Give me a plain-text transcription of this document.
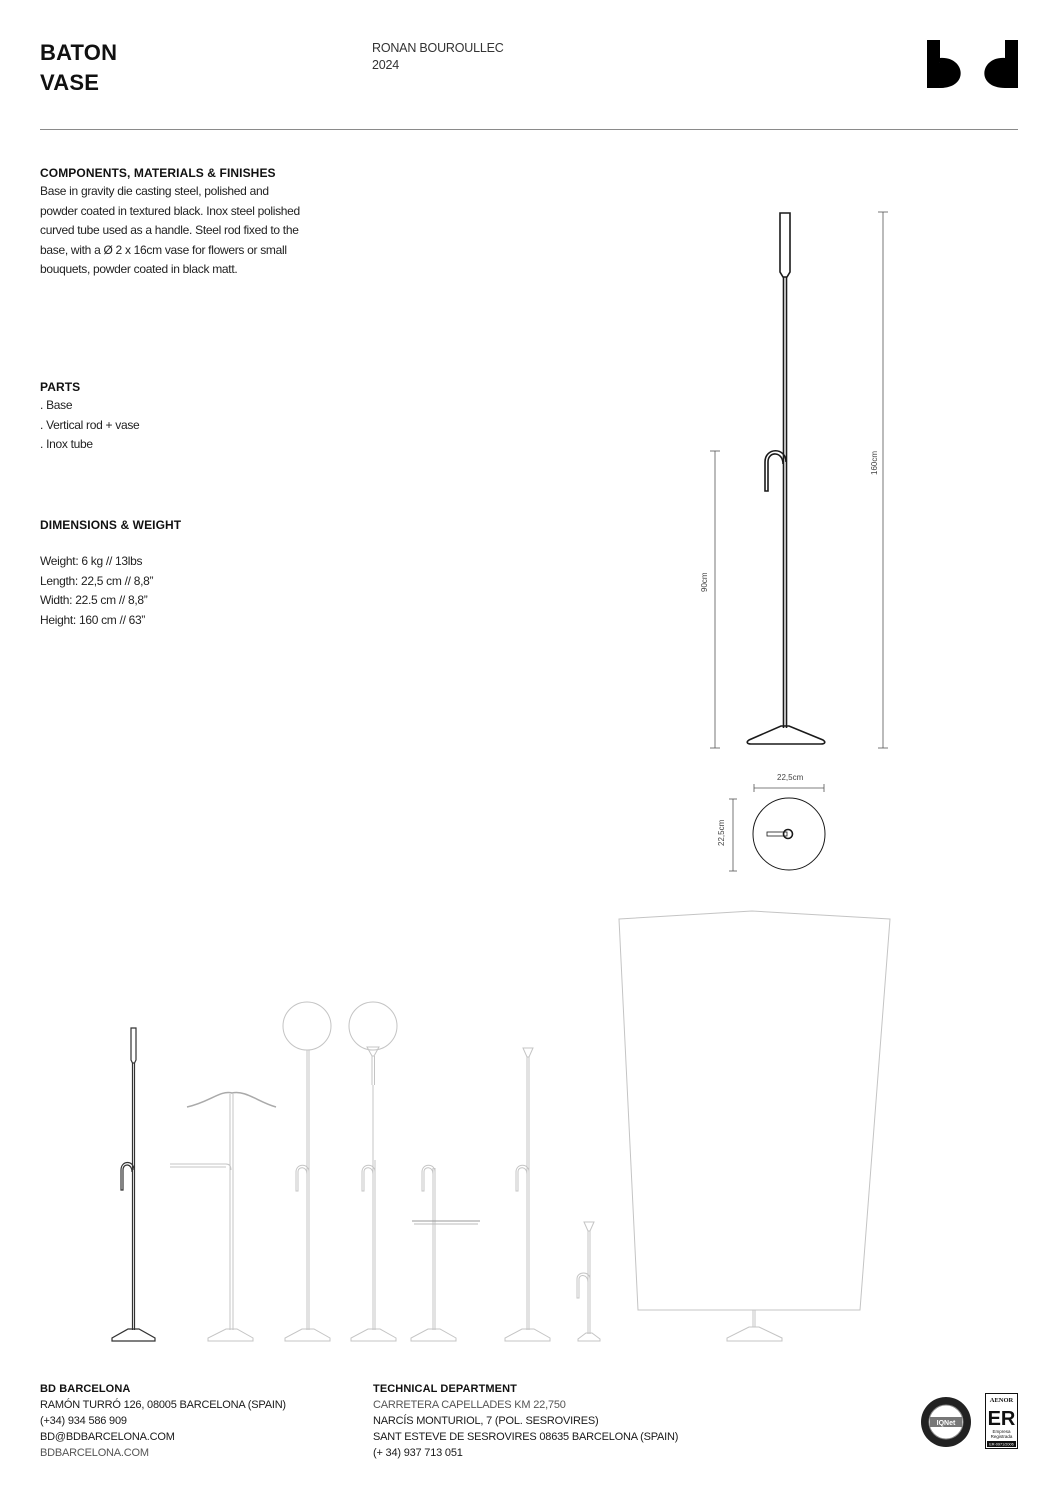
BATON
VASE
RONAN BOUROULLEC
2024
COMPONENTS, MATERIALS & FINISHES
Base in gravity die casting steel, polished and powder coated in textured black. Inox steel polished curved tube used as a handle. Steel rod fixed to the base, with a Ø 2 x 16cm vase for flowers or small bouquets, powder coated in black matt.
PARTS
. Base
. Vertical rod + vase
. Inox tube
DIMENSIONS & WEIGHT
Weight: 6 kg // 13lbs
Length: 22,5 cm // 8,8”
Width: 22.5 cm // 8,8”
Height: 160 cm // 63”
160cm
90cm
22,5cm
22,5cm
BD BARCELONA
RAMÓN TURRÓ 126, 08005 BARCELONA (SPAIN)
(+34) 934 586 909
BD@BDBARCELONA.COM
BDBARCELONA.COM
TECHNICAL DEPARTMENT
CARRETERA CAPELLADES KM 22,750
NARCÍS MONTURIOL, 7 (POL. SESROVIRES)
SANT ESTEVE DE SESROVIRES 08635 BARCELONA (SPAIN)
(+ 34) 937 713 051
IQNet
AENOR
ER
Empresa
Registrada
ER-0971/2006
